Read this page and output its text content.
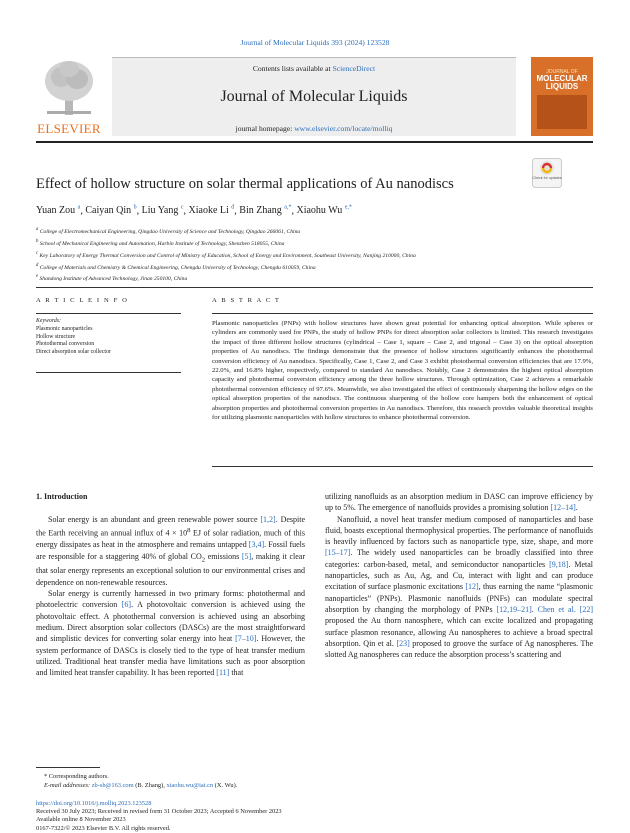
Journal of Molecular Liquids 393 (2024) 123528
ELSEVIER
Contents lists available at ScienceDirect
Journal of Molecular Liquids
journal homepage: www.elsevier.com/locate/molliq
JOURNAL OF
MOLECULAR LIQUIDS
Effect of hollow structure on solar thermal applications of Au nanodiscs	Check for updates
Yuan Zou $^a$, Caiyan Qin $^b$, Liu Yang $^c$, Xiaoke Li $^d$, Bin Zhang $^{a,*}$, Xiaohu Wu $^{e,*}$
$^a$ College of Electromechanical Engineering, Qingdao University of Science and Technology, Qingdao 266061, China
$^b$ School of Mechanical Engineering and Automation, Harbin Institute of Technology, Shenzhen 518055, China
$^c$ Key Laboratory of Energy Thermal Conversion and Control of Ministry of Education, School of Energy and Environment, Southeast University, Nanjing 210000, China
$^d$ College of Materials and Chemistry & Chemical Engineering, Chengdu University of Technology, Chengdu 610059, China
$^e$ Shandong Institute of Advanced Technology, Jinan 250100, China
A R T I C L E I N F O	A B S T R A C T
Keywords:
Plasmonic nanoparticles
Hollow structure
Photothermal conversion
Direct absorption solar collector
Plasmonic nanoparticles (PNPs) with hollow structures have shown great potential for enhancing optical absorption. While spheres or cylinders are commonly used for PNPs, the study of hollow PNPs for direct absorption solar collectors is limited. This research investigates the impact of three different hollow structures (cylindrical – Case 1, square – Case 2, and trigonal – Case 3) on the optical absorption properties of Au nanodiscs. The findings demonstrate that the presence of hollow structures significantly enhances the photothermal conversion efficiency of Au nanodiscs. Specifically, Case 1, Case 2, and Case 3 exhibit photothermal conversion efficiencies that are 17.9%, 22.0%, and 16.8% higher, respectively, compared to standard Au nanodiscs. Notably, Case 2 demonstrates the highest optical absorption capacity and photothermal conversion efficiency among the three hollow structures. Through optimization, Case 2 achieves a remarkable photothermal conversion efficiency of 97.6%. Meanwhile, we also investigated the effect of continuously sharpening the hollow edges on the optical absorption properties of the nanodiscs. The continuous sharpening of the hollow core hampers both the enhancement of optical absorption properties and photothermal conversion properties in Au nanodiscs. Therefore, this research provides valuable theoretical insights for utilizing plasmonic nanoparticles with hollow structures to enhance photothermal conversion.
1. Introduction

Solar energy is an abundant and green renewable power source [1,2]. Despite the Earth receiving an annual influx of $4 \times 10^8$ EJ of solar radiation, much of this energy dissipates as heat in the atmosphere and remains untapped [3,4]. Fossil fuels are responsible for a staggering 40% of global $CO_2$ emissions [5], making it clear that solar energy represents an exceptional solution to our environmental crises and dependence on non-renewable resources.

Solar energy is currently harnessed in two primary forms: photothermal and photoelectric conversion [6]. A photovoltaic conversion is achieved using the photovoltaic effect. A photothermal conversion is achieved using an absorbing medium. Direct absorption solar collectors (DASCs) are the most straightforward and simplistic devices for converting solar energy into heat [7–10]. However, the system performance of DASCs is closely tied to the type of heat transfer medium utilized. Traditional heat transfer media have limitations such as poor absorption and limited heat transfer capability. It has been reported [11] that

utilizing nanofluids as an absorption medium in DASC can improve efficiency by up to 5%. The emergence of nanofluids provides a promising solution [12–14].

Nanofluid, a novel heat transfer medium composed of nanoparticles and base fluid, boasts exceptional thermophysical properties. The performance of nanofluids is heavily influenced by factors such as nanoparticle type, size, shape, and more [15–17]. The widely used nanoparticles can be broadly classified into three categories: carbon-based, metal, and semiconductor nanoparticles [9,18]. Metal nanoparticles, such as Au, Ag, and Cu, interact with light and can produce excitation of surface plasmonic excitations [12], thus earning the name “plasmonic nanoparticles” (PNPs). Plasmonic nanofluids (PNFs) can modulate spectral absorption by changing the morphology of PNPs [12,19–21]. Chen et al. [22] proposed the Au thorn nanosphere, which can excite localized and propagating surface plasmon resonance, allowing Au nanospheres to achieve a broad spectral absorption. Qin et al. [23] proposed to groove the surface of Ag nanospheres. The slotted Ag nanospheres can reduce the absorption process’s scattering and

* Corresponding authors.
E-mail addresses: zb-sh@163.com (B. Zhang), xiaohu.wu@iat.cn (X. Wu).
https://doi.org/10.1016/j.molliq.2023.123528
Received 30 July 2023; Received in revised form 31 October 2023; Accepted 6 November 2023
Available online 8 November 2023
0167-7322/© 2023 Elsevier B.V. All rights reserved.
